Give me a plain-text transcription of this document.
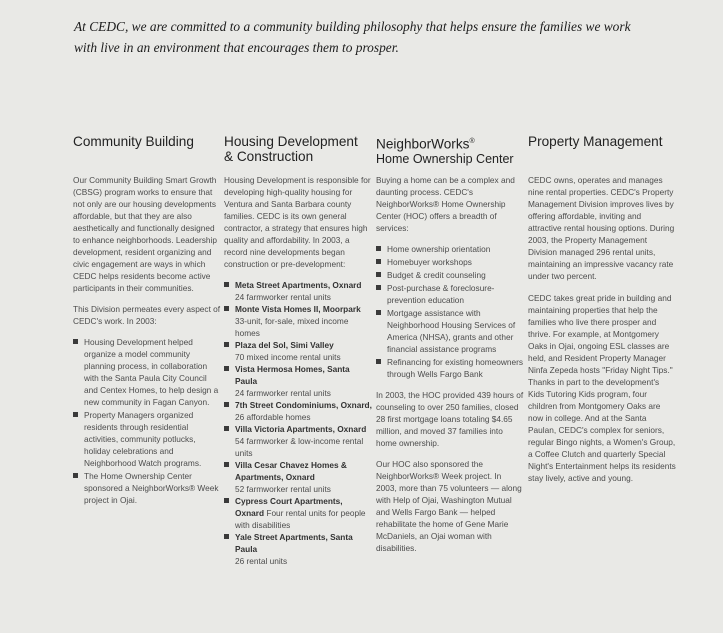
At CEDC, we are committed to a community building philosophy that helps ensure the families we work with live in an environment that encourages them to prosper.
Community Building

Our Community Building Smart Growth (CBSG) program works to ensure that not only are our housing developments affordable, but that they are also aesthetically and functionally designed to enhance neighborhoods. Leadership development, resident organizing and civic engagement are ways in which CEDC helps residents become active participants in their communities.

This Division permeates every aspect of CEDC's work. In 2003:

Housing Development helped organize a model community planning process, in collaboration with the Santa Paula City Council and Centex Homes, to help design a new community in Fagan Canyon.
Property Managers organized residents through residential activities, community potlucks, holiday celebrations and Neighborhood Watch programs.
The Home Ownership Center sponsored a NeighborWorks® Week project in Ojai.
Housing Development
& Construction

Housing Development is responsible for developing high-quality housing for Ventura and Santa Barbara county families. CEDC is its own general contractor, a strategy that ensures high quality and affordability. In 2003, a record nine developments began construction or pre-development:

Meta Street Apartments, Oxnard
24 farmworker rental units
Monte Vista Homes II, Moorpark 33-unit, for-sale, mixed income homes
Plaza del Sol, Simi Valley
70 mixed income rental units
Vista Hermosa Homes, Santa Paula
24 farmworker rental units
7th Street Condominiums, Oxnard, 26 affordable homes
Villa Victoria Apartments, Oxnard 54 farmworker & low-income rental units
Villa Cesar Chavez Homes & Apartments, Oxnard
52 farmworker rental units
Cypress Court Apartments, Oxnard Four rental units for people with disabilities
Yale Street Apartments, Santa Paula
26 rental units
NeighborWorks®
Home Ownership Center

Buying a home can be a complex and daunting process. CEDC's NeighborWorks® Home Ownership Center (HOC) offers a breadth of services:

Home ownership orientation
Homebuyer workshops
Budget & credit counseling
Post-purchase & foreclosure-prevention education
Mortgage assistance with Neighborhood Housing Services of America (NHSA), grants and other financial assistance programs
Refinancing for existing homeowners through Wells Fargo Bank

In 2003, the HOC provided 439 hours of counseling to over 250 families, closed 28 first mortgage loans totaling $4.65 million, and moved 37 families into home ownership.

Our HOC also sponsored the NeighborWorks® Week project. In 2003, more than 75 volunteers — along with Help of Ojai, Washington Mutual and Wells Fargo Bank — helped rehabilitate the home of Gene Marie McDaniels, an Ojai woman with disabilities.

Property Management

CEDC owns, operates and manages nine rental properties. CEDC's Property Management Division improves lives by offering affordable, inviting and attractive rental housing options. During 2003, the Property Management Division managed 296 rental units, maintaining an impressive vacancy rate under two percent.

CEDC takes great pride in building and maintaining properties that help the families who live there prosper and thrive. For example, at Montgomery Oaks in Ojai, ongoing ESL classes are held, and Resident Property Manager Ninfa Zepeda hosts "Friday Night Tips." Thanks in part to the development's Kids Tutoring Kids program, four children from Montgomery Oaks are now in college. And at the Santa Paulan, CEDC's complex for seniors, regular Bingo nights, a Women's Group, a Coffee Clutch and quarterly Special Night's Entertainment helps its residents stay lively, active and young.
